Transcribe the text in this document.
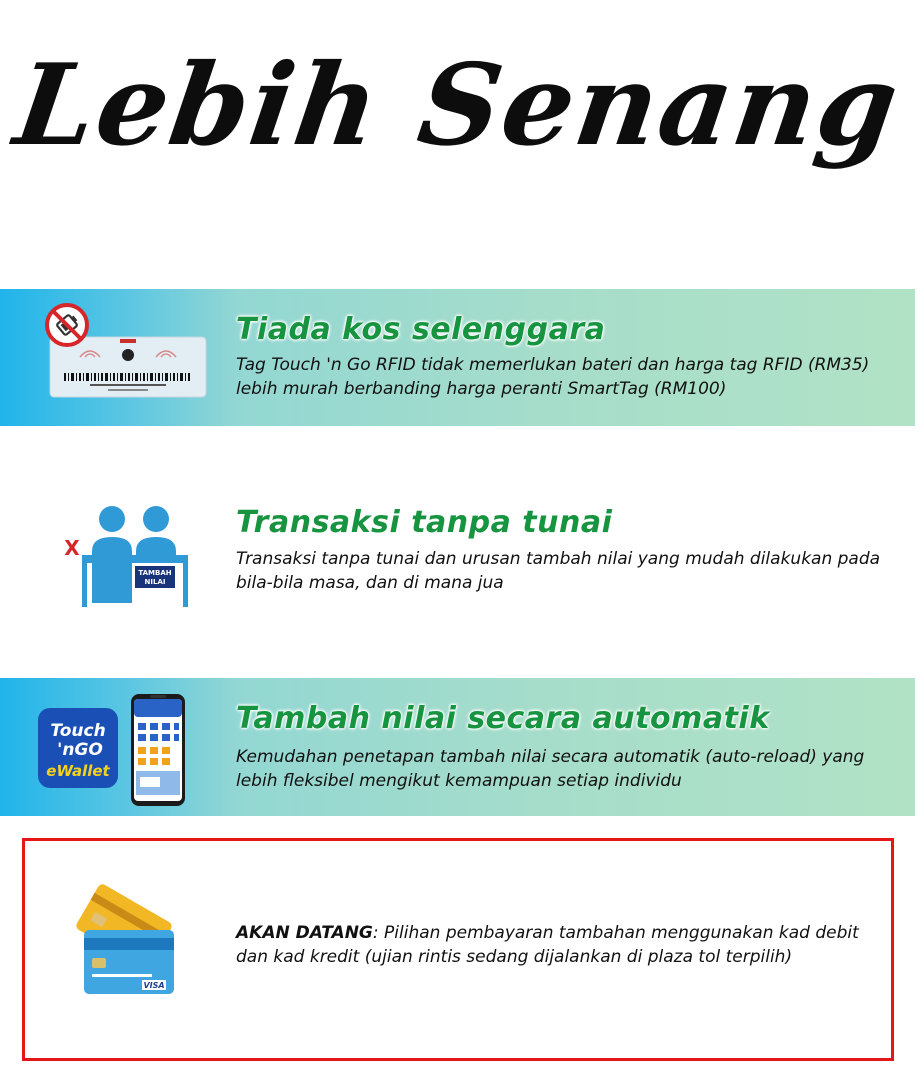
Lebih Senang
Tiada kos selenggara
Tag Touch 'n Go RFID tidak memerlukan bateri dan harga tag RFID (RM35) lebih murah berbanding harga peranti SmartTag (RM100)
TAMBAH
NILAI
X
Transaksi tanpa tunai
Transaksi tanpa tunai dan urusan tambah nilai yang mudah dilakukan pada bila-bila masa, dan di mana jua
Touch
'nGO
eWallet
Tambah nilai secara automatik
Kemudahan penetapan tambah nilai secara automatik (auto-reload) yang lebih fleksibel mengikut kemampuan setiap individu
VISA
AKAN DATANG: Pilihan pembayaran tambahan menggunakan kad debit dan kad kredit (ujian rintis sedang dijalankan di plaza tol terpilih)
